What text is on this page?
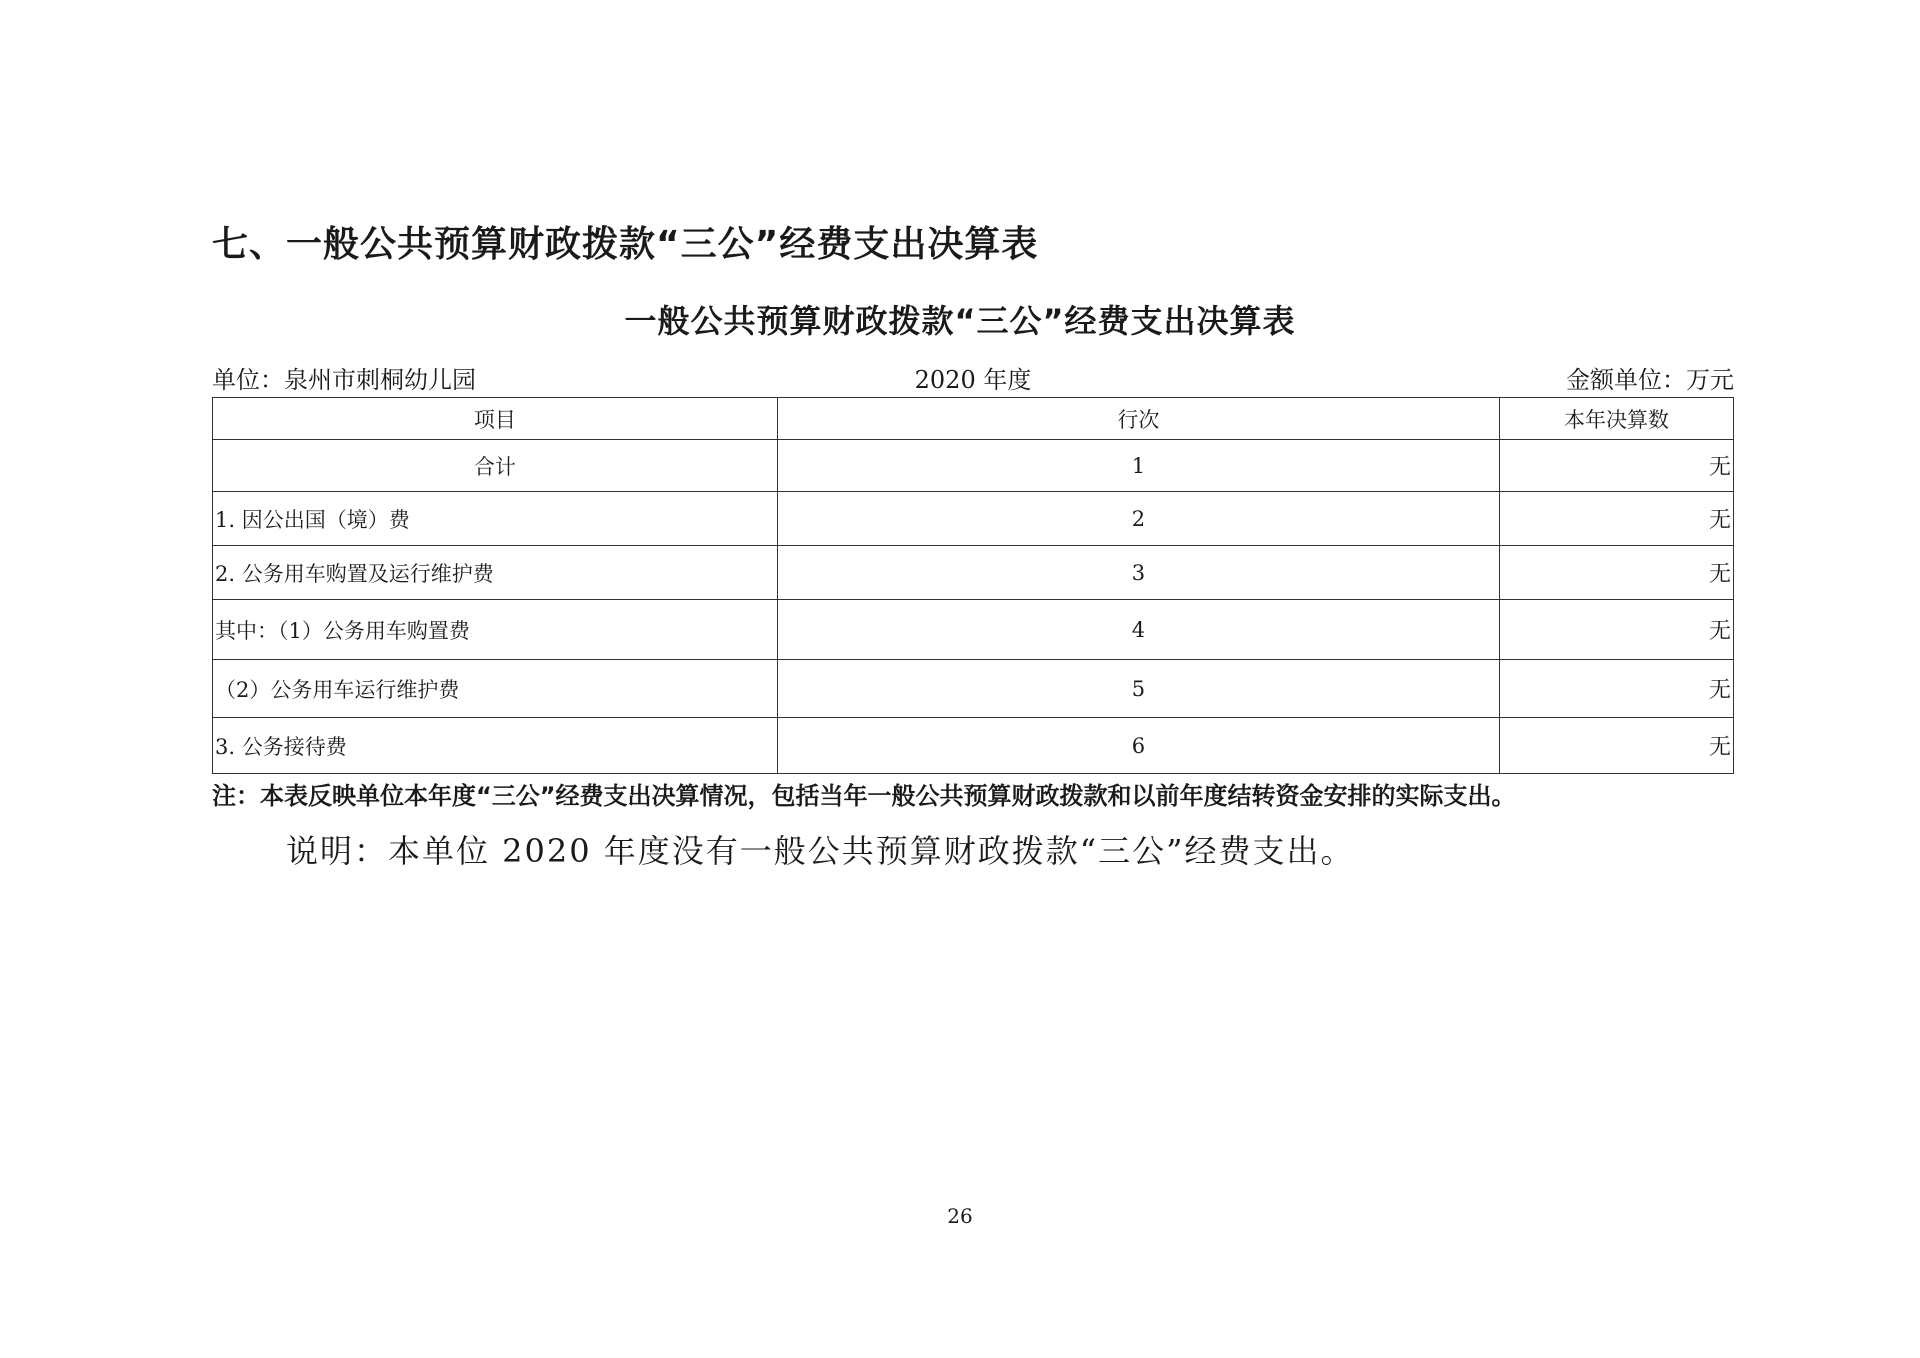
七、一般公共预算财政拨款“三公”经费支出决算表
一般公共预算财政拨款“三公”经费支出决算表
单位：泉州市刺桐幼儿园	2020 年度	金额单位：万元
项目	行次	本年决算数
合计	1	无
1. 因公出国（境）费	2	无
2. 公务用车购置及运行维护费	3	无
其中：（1）公务用车购置费	4	无
（2）公务用车运行维护费	5	无
3. 公务接待费	6	无
注：本表反映单位本年度“三公”经费支出决算情况，包括当年一般公共预算财政拨款和以前年度结转资金安排的实际支出。
说明：本单位 2020 年度没有一般公共预算财政拨款“三公”经费支出。
26
